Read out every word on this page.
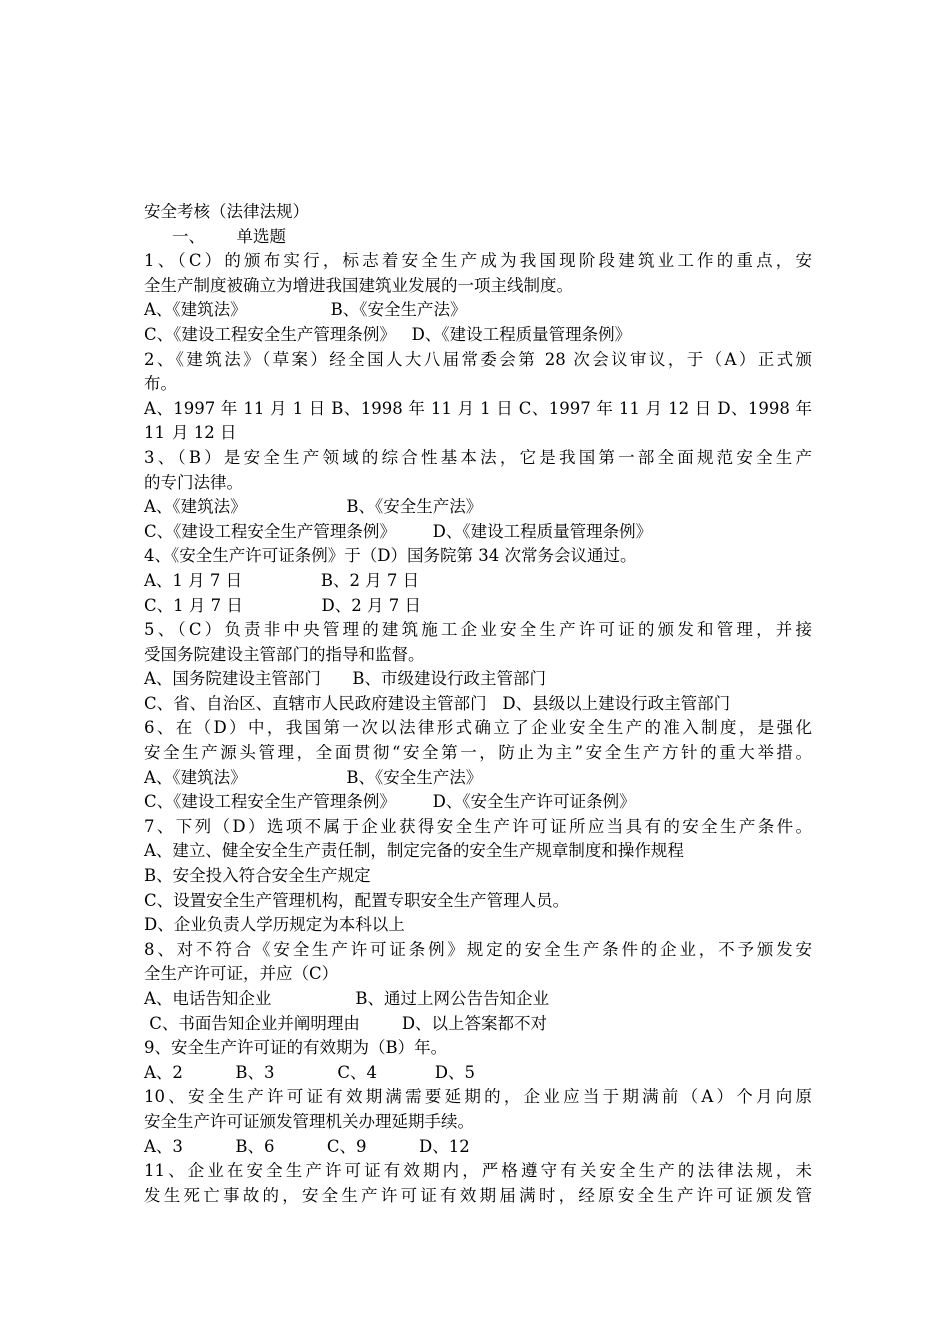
安全考核（法律法规）
一、      单选题
1、（C）的颁布实行，标志着安全生产成为我国现阶段建筑业工作的重点，安
全生产制度被确立为增进我国建筑业发展的一项主线制度。
A、《建筑法》                B、《安全生产法》
C、《建设工程安全生产管理条例》   D、《建设工程质量管理条例》
2、《建筑法》（草案）经全国人大八届常委会第 28 次会议审议，于（A）正式颁
布。
A、1997 年 11 月 1 日 B、1998 年 11 月 1 日 C、1997 年 11 月 12 日 D、1998 年 11 月 12 日
3、（B）是安全生产领域的综合性基本法，它是我国第一部全面规范安全生产
的专门法律。
A、《建筑法》                   B、《安全生产法》
C、《建设工程安全生产管理条例》       D、《建设工程质量管理条例》
4、《安全生产许可证条例》于（D）国务院第 34 次常务会议通过。
A、1 月 7 日               B、2 月 7 日
C、1 月 7 日               D、2 月 7 日
5、（C）负责非中央管理的建筑施工企业安全生产许可证的颁发和管理，并接
受国务院建设主管部门的指导和监督。
A、国务院建设主管部门      B、市级建设行政主管部门
C、省、自治区、直辖市人民政府建设主管部门   D、县级以上建设行政主管部门
6、在（D）中，我国第一次以法律形式确立了企业安全生产的准入制度，是强化
安全生产源头管理，全面贯彻“安全第一，防止为主”安全生产方针的重大举措。
A、《建筑法》                   B、《安全生产法》
C、《建设工程安全生产管理条例》       D、《安全生产许可证条例》
7、下列（D）选项不属于企业获得安全生产许可证所应当具有的安全生产条件。
A、建立、健全安全生产责任制，制定完备的安全生产规章制度和操作规程
B、安全投入符合安全生产规定
C、设置安全生产管理机构，配置专职安全生产管理人员。
D、企业负责人学历规定为本科以上
8、对不符合《安全生产许可证条例》规定的安全生产条件的企业，不予颁发安
全生产许可证，并应（C）
A、电话告知企业                B、通过上网公告告知企业
C、书面告知企业并阐明理由        D、以上答案都不对
9、安全生产许可证的有效期为（B）年。
A、2          B、3            C、4           D、5
10、安全生产许可证有效期满需要延期的，企业应当于期满前（A）个月向原
安全生产许可证颁发管理机关办理延期手续。
A、3          B、6          C、9          D、12
11、企业在安全生产许可证有效期内，严格遵守有关安全生产的法律法规，未
发生死亡事故的，安全生产许可证有效期届满时，经原安全生产许可证颁发管
